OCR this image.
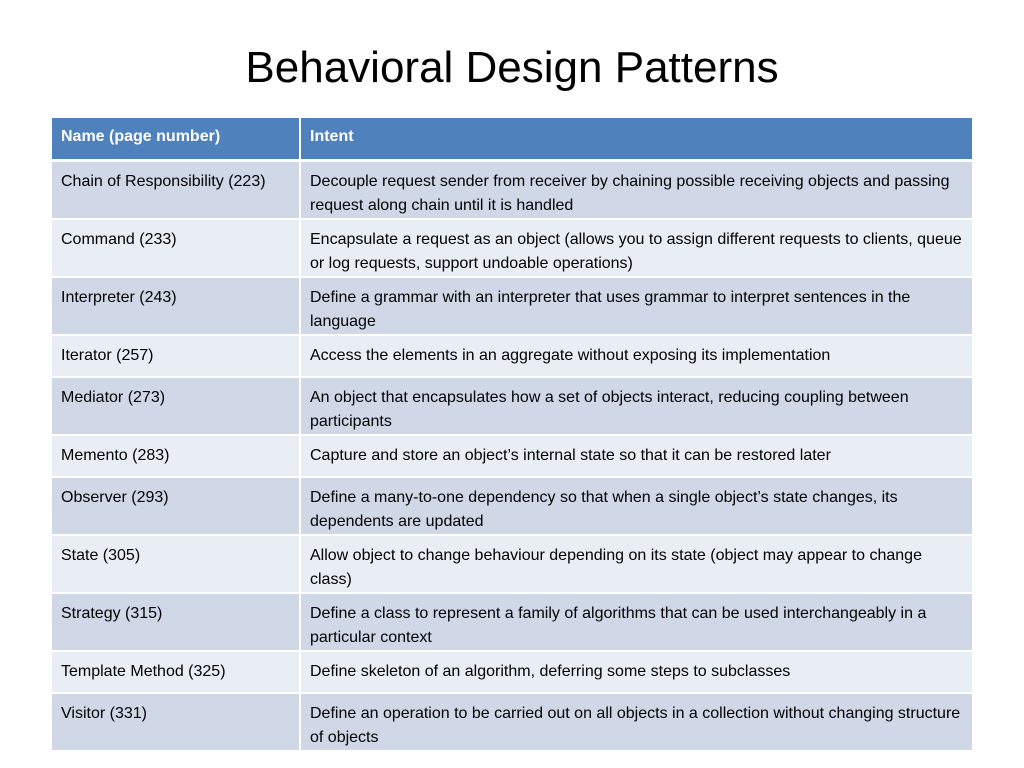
Behavioral Design Patterns
Name (page number)	Intent
Chain of Responsibility (223)	Decouple request sender from receiver by chaining possible receiving objects and passing request along chain until it is handled
Command (233)	Encapsulate a request as an object (allows you to assign different requests to clients, queue or log requests, support undoable operations)
Interpreter (243)	Define a grammar with an interpreter that uses grammar to interpret sentences in the language
Iterator (257)	Access the elements in an aggregate without exposing its implementation
Mediator (273)	An object that encapsulates how a set of objects interact, reducing coupling between participants
Memento (283)	Capture and store an object’s internal state so that it can be restored later
Observer (293)	Define a many-to-one dependency so that when a single object’s state changes, its dependents are updated
State (305)	Allow object to change behaviour depending on its state (object may appear to change class)
Strategy (315)	Define a class to represent a family of algorithms that can be used interchangeably in a particular context
Template Method (325)	Define skeleton of an algorithm, deferring some steps to subclasses
Visitor (331)	Define an operation to be carried out on all objects in a collection without changing structure of objects
